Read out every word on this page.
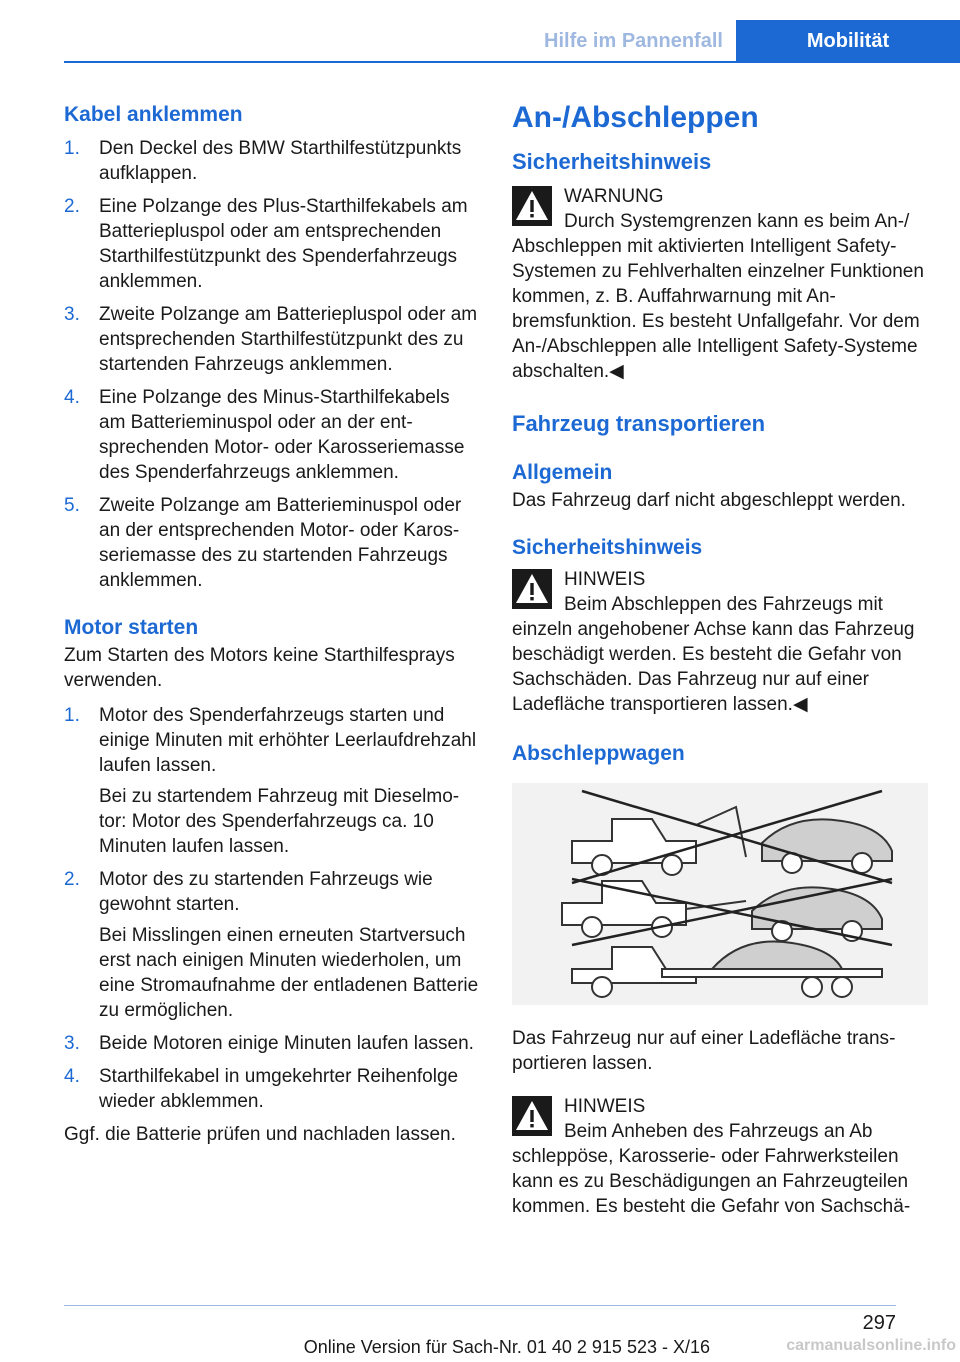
Hilfe im Pannenfall	Mobilität
Kabel anklemmen
1. Den Deckel des BMW Starthilfestützpunkts aufklappen.
2. Eine Polzange des Plus-Starthilfekabels am Batteriepluspol oder am entsprechenden Starthilfestützpunkt des Spenderfahrzeugs anklemmen.
3. Zweite Polzange am Batteriepluspol oder am entsprechenden Starthilfestützpunkt des zu startenden Fahrzeugs anklemmen.
4. Eine Polzange des Minus-Starthilfekabels am Batterieminuspol oder an der entsprechenden Motor- oder Karosseriemasse des Spenderfahrzeugs anklemmen.
5. Zweite Polzange am Batterieminuspol oder an der entsprechenden Motor- oder Karosseriemasse des zu startenden Fahrzeugs anklemmen.
Motor starten

Zum Starten des Motors keine Starthilfesprays verwenden.

1. Motor des Spenderfahrzeugs starten und einige Minuten mit erhöhter Leerlaufdrehzahl laufen lassen.

Bei zu startendem Fahrzeug mit Dieselmotor: Motor des Spenderfahrzeugs ca. 10 Minuten laufen lassen.

2. Motor des zu startenden Fahrzeugs wie gewohnt starten.

Bei Misslingen einen erneuten Startversuch erst nach einigen Minuten wiederholen, um eine Stromaufnahme der entladenen Batterie zu ermöglichen.

3. Beide Motoren einige Minuten laufen lassen.
4. Starthilfekabel in umgekehrter Reihenfolge wieder abklemmen.

Ggf. die Batterie prüfen und nachladen lassen.

An-/Abschleppen
Sicherheitshinweis
WARNUNG
Durch Systemgrenzen kann es beim An-/
Abschleppen mit aktivierten Intelligent Safety-Systemen zu Fehlverhalten einzelner Funktionen kommen, z. B. Auffahrwarnung mit Anbremsfunktion. Es besteht Unfallgefahr. Vor dem An-/Abschleppen alle Intelligent Safety-Systeme abschalten.◀
Fahrzeug transportieren
Allgemein

Das Fahrzeug darf nicht abgeschleppt werden.

Sicherheitshinweis
HINWEIS
Beim Abschleppen des Fahrzeugs mit
einzeln angehobener Achse kann das Fahrzeug beschädigt werden. Es besteht die Gefahr von Sachschäden. Das Fahrzeug nur auf einer Ladefläche transportieren lassen.◀
Abschleppwagen

Das Fahrzeug nur auf einer Ladefläche transportieren lassen.

HINWEIS
Beim Anheben des Fahrzeugs an Ab
schleppöse, Karosserie- oder Fahrwerksteilen kann es zu Beschädigungen an Fahrzeugteilen kommen. Es besteht die Gefahr von Sachschä-
297
Online Version für Sach-Nr. 01 40 2 915 523 - X/16	carmanualsonline.info
